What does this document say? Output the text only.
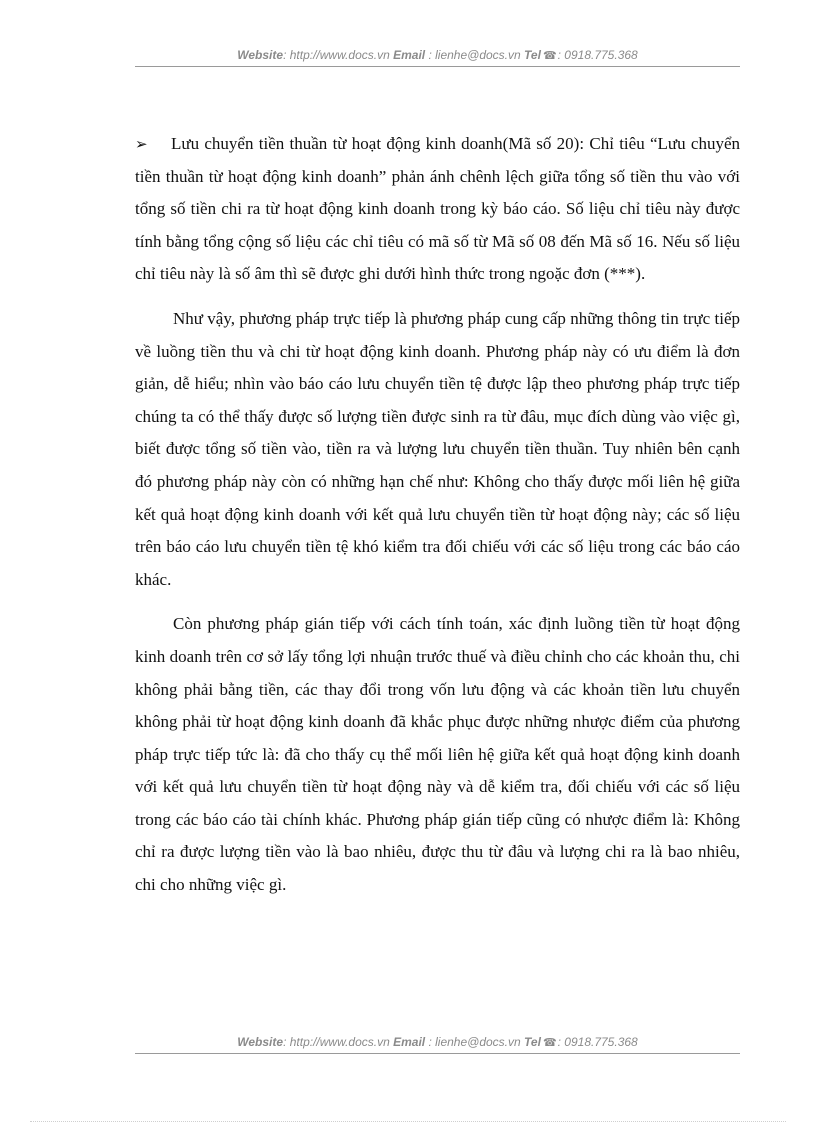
Website: http://www.docs.vn Email : lienhe@docs.vn Tel ☎: 0918.775.368

➢ Lưu chuyển tiền thuần từ hoạt động kinh doanh(Mã số 20): Chỉ tiêu “Lưu chuyển tiền thuần từ hoạt động kinh doanh” phản ánh chênh lệch giữa tổng số tiền thu vào với tổng số tiền chi ra từ hoạt động kinh doanh trong kỳ báo cáo. Số liệu chỉ tiêu này được tính bằng tổng cộng số liệu các chỉ tiêu có mã số từ Mã số 08 đến Mã số 16. Nếu số liệu chỉ tiêu này là số âm thì sẽ được ghi dưới hình thức trong ngoặc đơn (***).

Như vậy, phương pháp trực tiếp là phương pháp cung cấp những thông tin trực tiếp về luồng tiền thu và chi từ hoạt động kinh doanh. Phương pháp này có ưu điểm là đơn giản, dễ hiểu; nhìn vào báo cáo lưu chuyển tiền tệ được lập theo phương pháp trực tiếp chúng ta có thể thấy được số lượng tiền được sinh ra từ đâu, mục đích dùng vào việc gì, biết được tổng số tiền vào, tiền ra và lượng lưu chuyển tiền thuần. Tuy nhiên bên cạnh đó phương pháp này còn có những hạn chế như: Không cho thấy được mối liên hệ giữa kết quả hoạt động kinh doanh với kết quả lưu chuyển tiền từ hoạt động này; các số liệu trên báo cáo lưu chuyển tiền tệ khó kiểm tra đối chiếu với các số liệu trong các báo cáo khác.

Còn phương pháp gián tiếp với cách tính toán, xác định luồng tiền từ hoạt động kinh doanh trên cơ sở lấy tổng lợi nhuận trước thuế và điều chỉnh cho các khoản thu, chi không phải bằng tiền, các thay đổi trong vốn lưu động và các khoản tiền lưu chuyển không phải từ hoạt động kinh doanh đã khắc phục được những nhược điểm của phương pháp trực tiếp tức là: đã cho thấy cụ thể mối liên hệ giữa kết quả hoạt động kinh doanh với kết quả lưu chuyển tiền từ hoạt động này và dễ kiểm tra, đối chiếu với các số liệu trong các báo cáo tài chính khác. Phương pháp gián tiếp cũng có nhược điểm là: Không chỉ ra được lượng tiền vào là bao nhiêu, được thu từ đâu và lượng chi ra là bao nhiêu, chi cho những việc gì.

Website: http://www.docs.vn Email : lienhe@docs.vn Tel ☎: 0918.775.368
